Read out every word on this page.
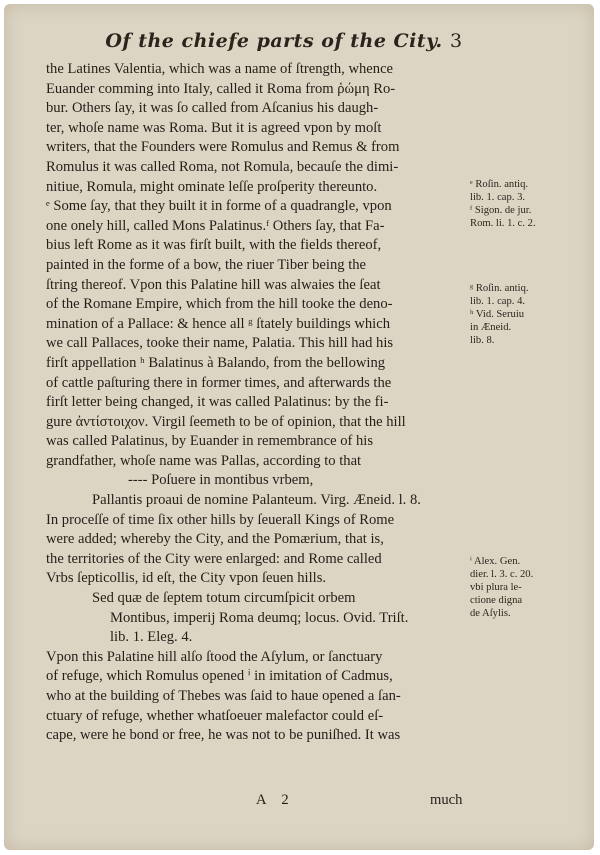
Of the chiefe parts of the City. 3
the Latines Valentia, which was a name of ſtrength, whence
Euander comming into Italy, called it Roma from ῥώμη Ro-
bur. Others ſay, it was ſo called from Aſcanius his daugh-
ter, whoſe name was Roma. But it is agreed vpon by moſt
writers, that the Founders were Romulus and Remus & from
Romulus it was called Roma, not Romula, becauſe the dimi-
nitiue, Romula, might ominate leſſe proſperity thereunto.
ᵉ Some ſay, that they built it in forme of a quadrangle, vpon
one onely hill, called Mons Palatinus.ᶠ Others ſay, that Fa-
bius left Rome as it was firſt built, with the fields thereof,
painted in the forme of a bow, the riuer Tiber being the
ſtring thereof. Vpon this Palatine hill was alwaies the ſeat
of the Romane Empire, which from the hill tooke the deno-
mination of a Pallace: & hence all ᵍ ſtately buildings which
we call Pallaces, tooke their name, Palatia. This hill had his
firſt appellation ʰ Balatinus à Balando, from the bellowing
of cattle paſturing there in former times, and afterwards the
firſt letter being changed, it was called Palatinus: by the fi-
gure ἀντίστοιχον. Virgil ſeemeth to be of opinion, that the hill
was called Palatinus, by Euander in remembrance of his
grandfather, whoſe name was Pallas, according to that
---- Poſuere in montibus vrbem,
Pallantis proaui de nomine Palanteum. Virg. Æneid. l. 8.
In proceſſe of time ſix other hills by ſeuerall Kings of Rome
were added; whereby the City, and the Pomærium, that is,
the territories of the City were enlarged: and Rome called
Vrbs ſepticollis, id eſt, the City vpon ſeuen hills.
Sed quæ de ſeptem totum circumſpicit orbem
Montibus, imperij Roma deumq; locus. Ovid. Triſt.
lib. 1. Eleg. 4.
Vpon this Palatine hill alſo ſtood the Aſylum, or ſanctuary
of refuge, which Romulus opened ⁱ in imitation of Cadmus,
who at the building of Thebes was ſaid to haue opened a ſan-
ctuary of refuge, whether whatſoeuer malefactor could eſ-
cape, were he bond or free, he was not to be puniſhed. It was
ᵉ Roſin. antiq.
lib. 1. cap. 3.
ᶠ Sigon. de jur.
Rom. li. 1. c. 2.
ᵍ Roſin. antiq.
lib. 1. cap. 4.
ʰ Vid. Seruiu
in Æneid.
lib. 8.
ⁱ Alex. Gen.
dier. l. 3. c. 20.
vbi plura le-
ctione digna
de Aſylis.
A 2	much
